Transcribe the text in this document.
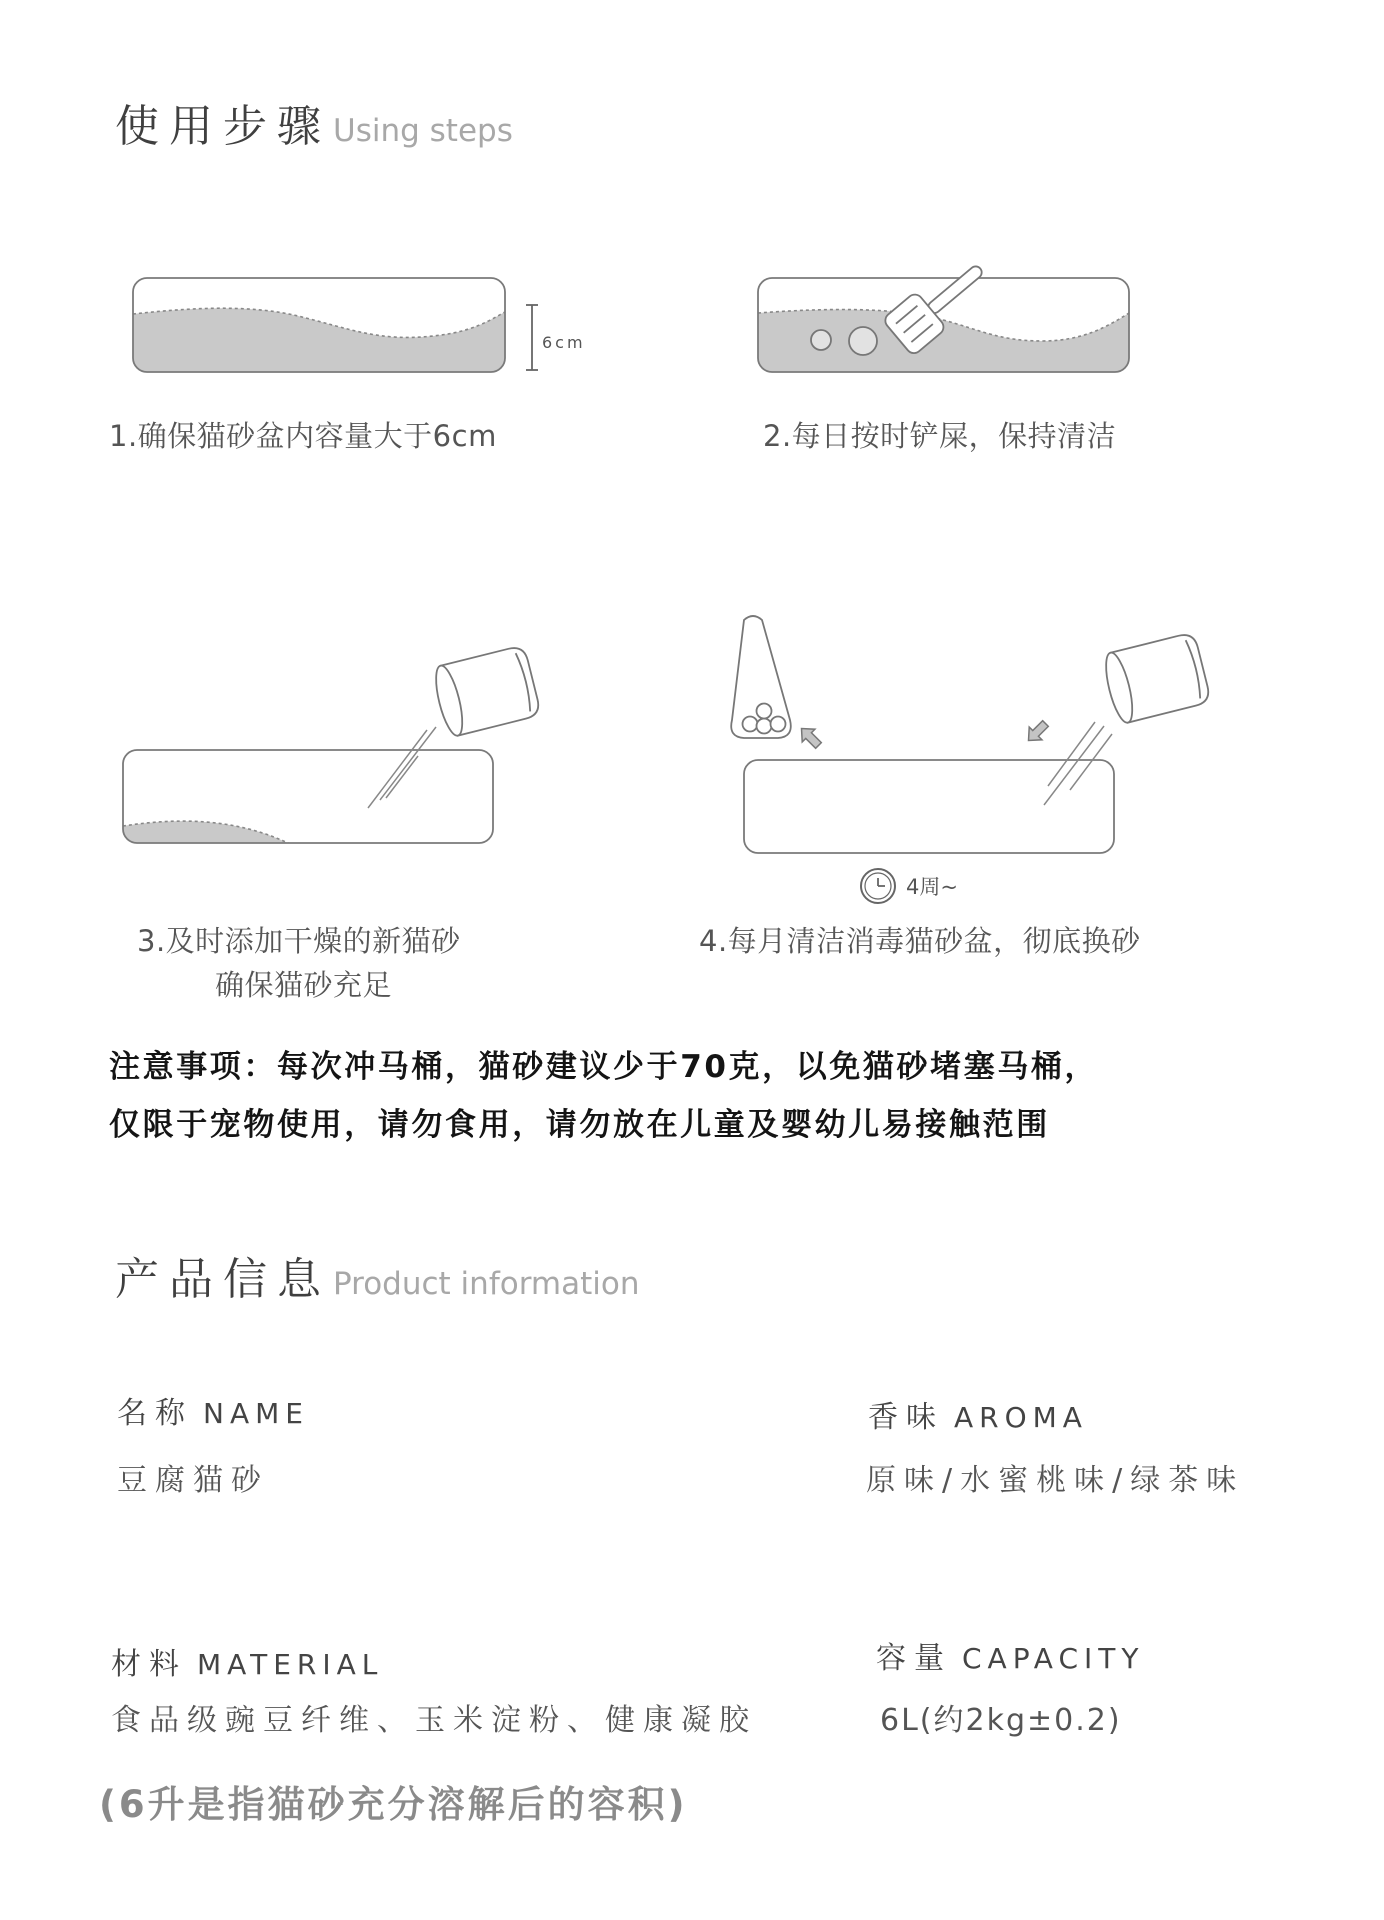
使用步骤 Using steps
6cm
1.确保猫砂盆内容量大于6cm	2.每日按时铲屎，保持清洁
3.及时添加干燥的新猫砂
确保猫砂充足
4周~
4.每月清洁消毒猫砂盆，彻底换砂
注意事项：每次冲马桶，猫砂建议少于70克，以免猫砂堵塞马桶，
仅限于宠物使用，请勿食用，请勿放在儿童及婴幼儿易接触范围
产品信息 Product information
名称 NAME
豆腐猫砂
香味 AROMA
原味/水蜜桃味/绿茶味
材料 MATERIAL
食品级豌豆纤维、玉米淀粉、健康凝胶
容量 CAPACITY
6L(约2kg±0.2)
(6升是指猫砂充分溶解后的容积)
